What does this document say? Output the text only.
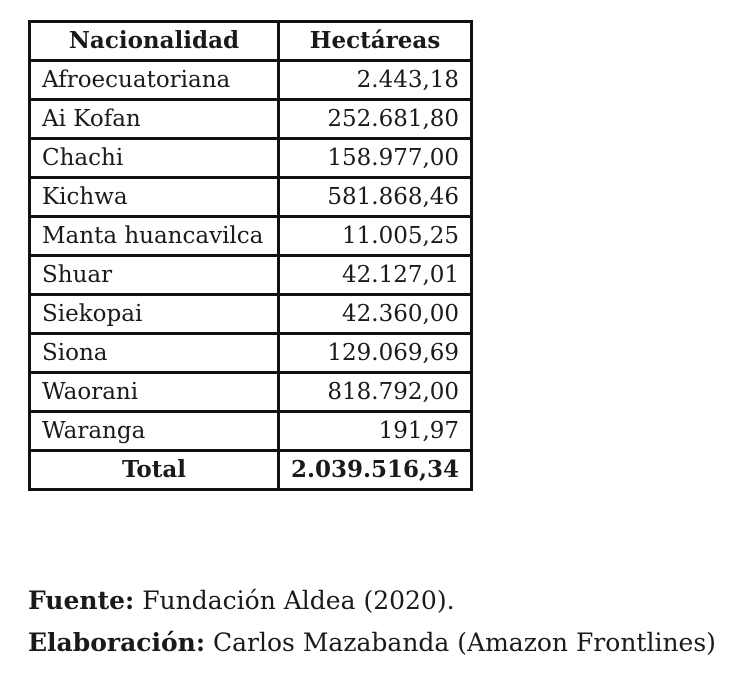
Nacionalidad	Hectáreas
Afroecuatoriana	2.443,18
Ai Kofan	252.681,80
Chachi	158.977,00
Kichwa	581.868,46
Manta huancavilca	11.005,25
Shuar	42.127,01
Siekopai	42.360,00
Siona	129.069,69
Waorani	818.792,00
Waranga	191,97
Total	2.039.516,34
Fuente: Fundación Aldea (2020).
Elaboración: Carlos Mazabanda (Amazon Frontlines)
